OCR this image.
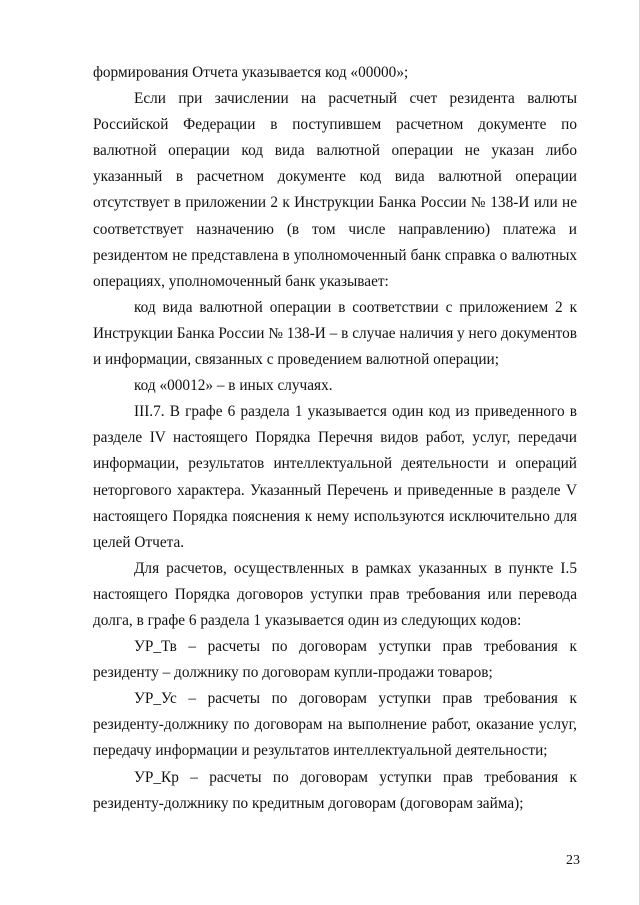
формирования Отчета указывается код «00000»;

Если при зачислении на расчетный счет резидента валюты Российской Федерации в поступившем расчетном документе по валютной операции код вида валютной операции не указан либо указанный в расчетном документе код вида валютной операции отсутствует в приложении 2 к Инструкции Банка России № 138-И или не соответствует назначению (в том числе направлению) платежа и резидентом не представлена в уполномоченный банк справка о валютных операциях, уполномоченный банк указывает:

код вида валютной операции в соответствии с приложением 2 к Инструкции Банка России № 138-И – в случае наличия у него документов и информации, связанных с проведением валютной операции;

код «00012» – в иных случаях.

III.7. В графе 6 раздела 1 указывается один код из приведенного в разделе IV настоящего Порядка Перечня видов работ, услуг, передачи информации, результатов интеллектуальной деятельности и операций неторгового характера. Указанный Перечень и приведенные в разделе V настоящего Порядка пояснения к нему используются исключительно для целей Отчета.

Для расчетов, осуществленных в рамках указанных в пункте I.5 настоящего Порядка договоров уступки прав требования или перевода долга, в графе 6 раздела 1 указывается один из следующих кодов:

УР_Тв – расчеты по договорам уступки прав требования к резиденту – должнику по договорам купли-продажи товаров;

УР_Ус – расчеты по договорам уступки прав требования к резиденту-должнику по договорам на выполнение работ, оказание услуг, передачу информации и результатов интеллектуальной деятельности;

УР_Кр – расчеты по договорам уступки прав требования к резиденту-должнику по кредитным договорам (договорам займа);

23
